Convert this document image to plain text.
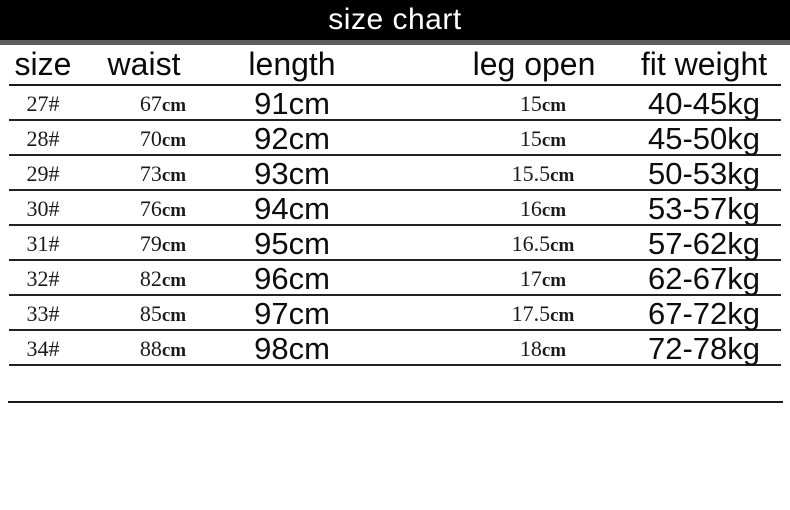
size chart
size	waist	length	leg open	fit weight
27#	67cm	91cm	15cm	40-45kg
28#	70cm	92cm	15cm	45-50kg
29#	73cm	93cm	15.5cm	50-53kg
30#	76cm	94cm	16cm	53-57kg
31#	79cm	95cm	16.5cm	57-62kg
32#	82cm	96cm	17cm	62-67kg
33#	85cm	97cm	17.5cm	67-72kg
34#	88cm	98cm	18cm	72-78kg
